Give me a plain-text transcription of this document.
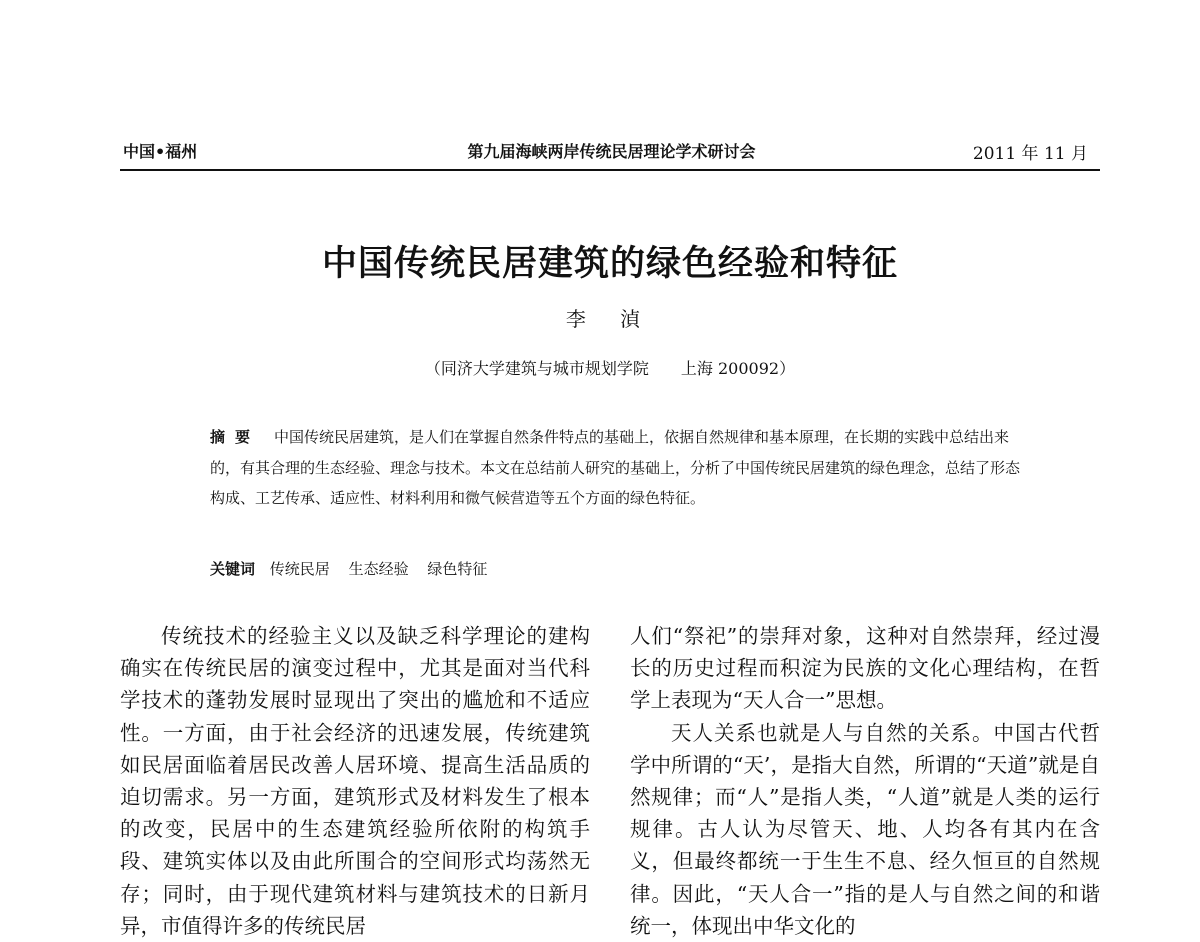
中国•福州	第九届海峡两岸传统民居理论学术研讨会	2011 年 11 月
中国传统民居建筑的绿色经验和特征
李 湞
（同济大学建筑与城市规划学院　　上海 200092）
摘要 中国传统民居建筑，是人们在掌握自然条件特点的基础上，依据自然规律和基本原理，在长期的实践中总结出来的，有其合理的生态经验、理念与技术。本文在总结前人研究的基础上，分析了中国传统民居建筑的绿色理念，总结了形态构成、工艺传承、适应性、材料利用和微气候营造等五个方面的绿色特征。
关键词 传统民居 生态经验 绿色特征

传统技术的经验主义以及缺乏科学理论的建构确实在传统民居的演变过程中，尤其是面对当代科学技术的蓬勃发展时显现出了突出的尴尬和不适应性。一方面，由于社会经济的迅速发展，传统建筑如民居面临着居民改善人居环境、提高生活品质的迫切需求。另一方面，建筑形式及材料发生了根本的改变，民居中的生态建筑经验所依附的构筑手段、建筑实体以及由此所围合的空间形式均荡然无存；同时，由于现代建筑材料与建筑技术的日新月异，市值得许多的传统民居

人们“祭祀”的崇拜对象，这种对自然崇拜，经过漫长的历史过程而积淀为民族的文化心理结构，在哲学上表现为“天人合一”思想。

天人关系也就是人与自然的关系。中国古代哲学中所谓的“天’，是指大自然，所谓的“天道”就是自然规律；而“人”是指人类，“人道”就是人类的运行规律。古人认为尽管天、地、人均各有其内在含义，但最终都统一于生生不息、经久恒亘的自然规律。因此，“天人合一”指的是人与自然之间的和谐统一，体现出中华文化的
